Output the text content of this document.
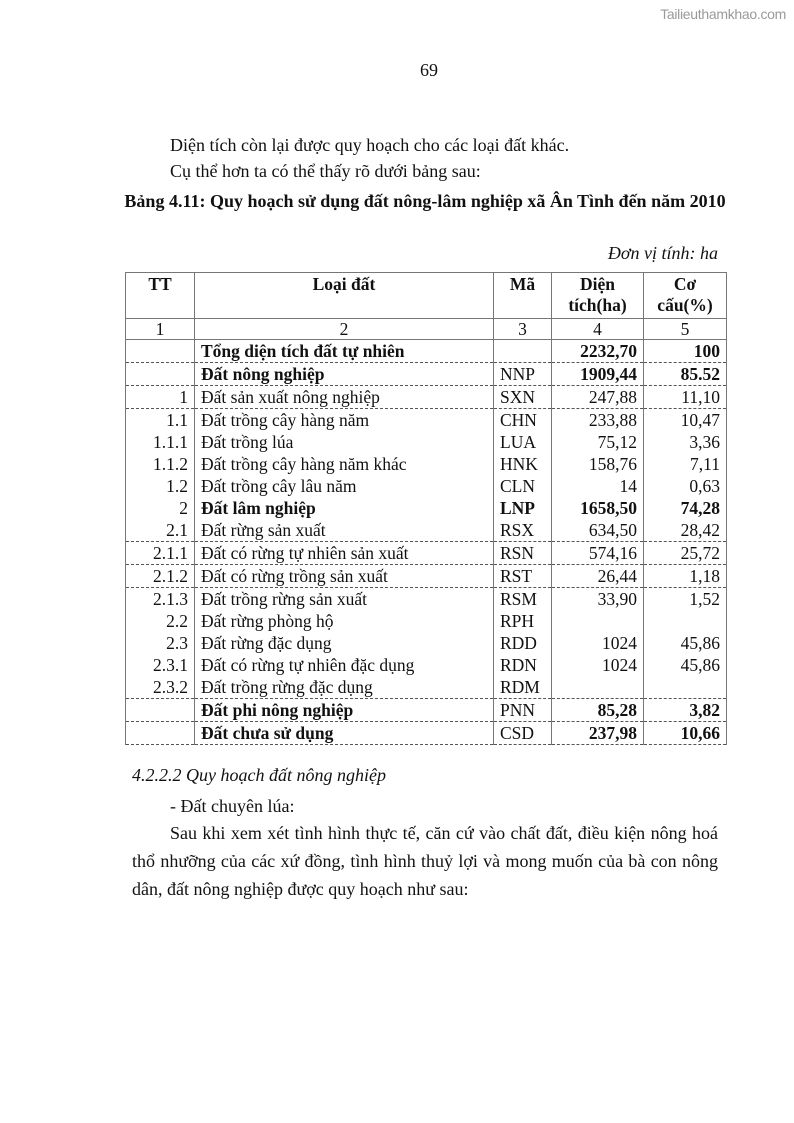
Tailieuthamkhao.com
69
Diện tích còn lại được quy hoạch cho các loại đất khác.
Cụ thể hơn ta có thể thấy rõ dưới bảng sau:
Bảng 4.11: Quy hoạch sử dụng đất nông-lâm nghiệp xã Ân Tình đến năm 2010
Đơn vị tính: ha
TT	Loại đất	Mã	Diện tích(ha)	Cơ cấu(%)
1	2	3	4	5
	Tổng diện tích đất tự nhiên		2232,70	100
	Đất nông nghiệp	NNP	1909,44	85.52
1	Đất sản xuất nông nghiệp	SXN	247,88	11,10
1.1	Đất trồng cây hàng năm	CHN	233,88	10,47
1.1.1	Đất trồng lúa	LUA	75,12	3,36
1.1.2	Đất trồng cây hàng năm khác	HNK	158,76	7,11
1.2	Đất trồng cây lâu năm	CLN	14	0,63
2	Đất lâm nghiệp	LNP	1658,50	74,28
2.1	Đất rừng sản xuất	RSX	634,50	28,42
2.1.1	Đất có rừng tự nhiên sản xuất	RSN	574,16	25,72
2.1.2	Đất có rừng trồng sản xuất	RST	26,44	1,18
2.1.3	Đất trồng rừng sản xuất	RSM	33,90	1,52
2.2	Đất rừng phòng hộ	RPH		
2.3	Đất rừng đặc dụng	RDD	1024	45,86
2.3.1	Đất có rừng tự nhiên đặc dụng	RDN	1024	45,86
2.3.2	Đất trồng rừng đặc dụng	RDM		
	Đất phi nông nghiệp	PNN	85,28	3,82
	Đất chưa sử dụng	CSD	237,98	10,66
4.2.2.2 Quy hoạch đất nông nghiệp
- Đất chuyên lúa:
Sau khi xem xét tình hình thực tế, căn cứ vào chất đất, điều kiện nông hoá thổ nhưỡng của các xứ đồng, tình hình thuỷ lợi và mong muốn của bà con nông dân, đất nông nghiệp được quy hoạch như sau:
